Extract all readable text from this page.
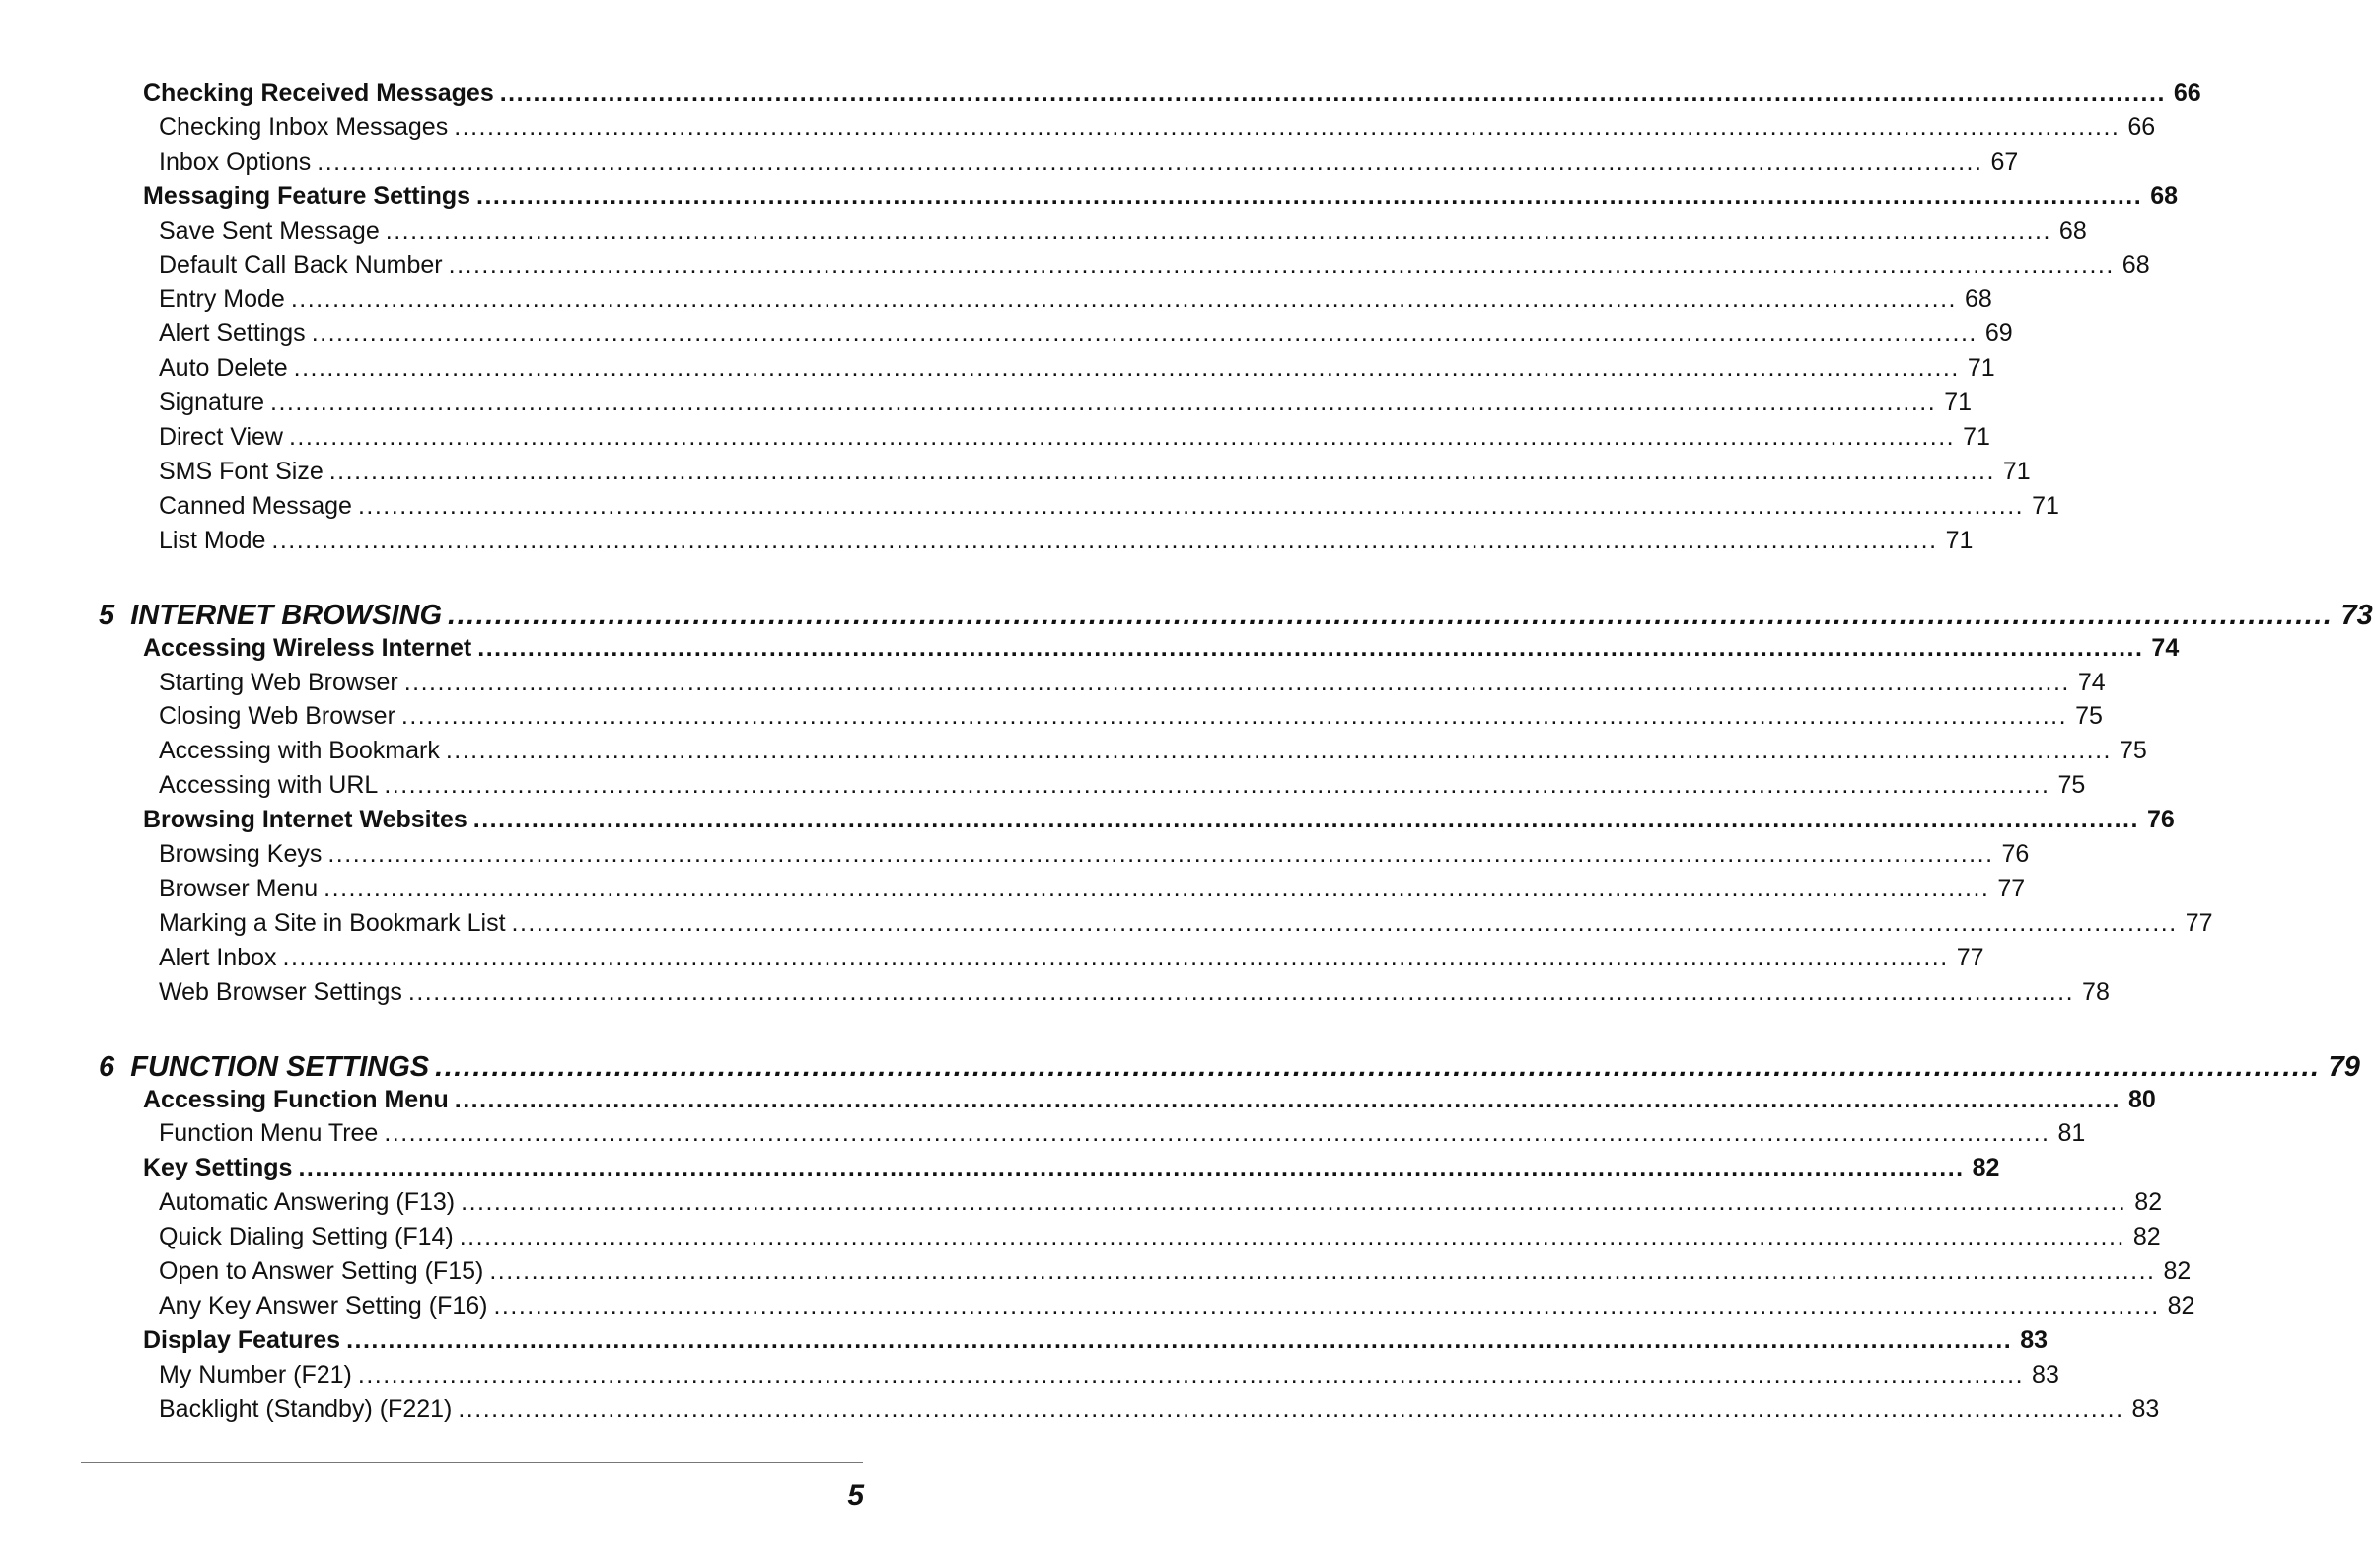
Checking Received Messages ........................................................................................................................................................................................................ 66
Checking Inbox Messages ........................................................................................................................................................................................................ 66
Inbox Options ........................................................................................................................................................................................................ 67
Messaging Feature Settings ........................................................................................................................................................................................................ 68
Save Sent Message ........................................................................................................................................................................................................ 68
Default Call Back Number ........................................................................................................................................................................................................ 68
Entry Mode ........................................................................................................................................................................................................ 68
Alert Settings ........................................................................................................................................................................................................ 69
Auto Delete ........................................................................................................................................................................................................ 71
Signature ........................................................................................................................................................................................................ 71
Direct View ........................................................................................................................................................................................................ 71
SMS Font Size ........................................................................................................................................................................................................ 71
Canned Message ........................................................................................................................................................................................................ 71
List Mode ........................................................................................................................................................................................................ 71
5  INTERNET BROWSING ........................................................................................................................................................................................................ 73
Accessing Wireless Internet ........................................................................................................................................................................................................ 74
Starting Web Browser ........................................................................................................................................................................................................ 74
Closing Web Browser ........................................................................................................................................................................................................ 75
Accessing with Bookmark ........................................................................................................................................................................................................ 75
Accessing with URL ........................................................................................................................................................................................................ 75
Browsing Internet Websites ........................................................................................................................................................................................................ 76
Browsing Keys ........................................................................................................................................................................................................ 76
Browser Menu ........................................................................................................................................................................................................ 77
Marking a Site in Bookmark List ........................................................................................................................................................................................................ 77
Alert Inbox ........................................................................................................................................................................................................ 77
Web Browser Settings ........................................................................................................................................................................................................ 78
6  FUNCTION SETTINGS ........................................................................................................................................................................................................ 79
Accessing Function Menu ........................................................................................................................................................................................................ 80
Function Menu Tree ........................................................................................................................................................................................................ 81
Key Settings ........................................................................................................................................................................................................ 82
Automatic Answering (F13) ........................................................................................................................................................................................................ 82
Quick Dialing Setting (F14) ........................................................................................................................................................................................................ 82
Open to Answer Setting (F15) ........................................................................................................................................................................................................ 82
Any Key Answer Setting (F16) ........................................................................................................................................................................................................ 82
Display Features ........................................................................................................................................................................................................ 83
My Number (F21) ........................................................................................................................................................................................................ 83
Backlight (Standby) (F221) ........................................................................................................................................................................................................ 83
5
